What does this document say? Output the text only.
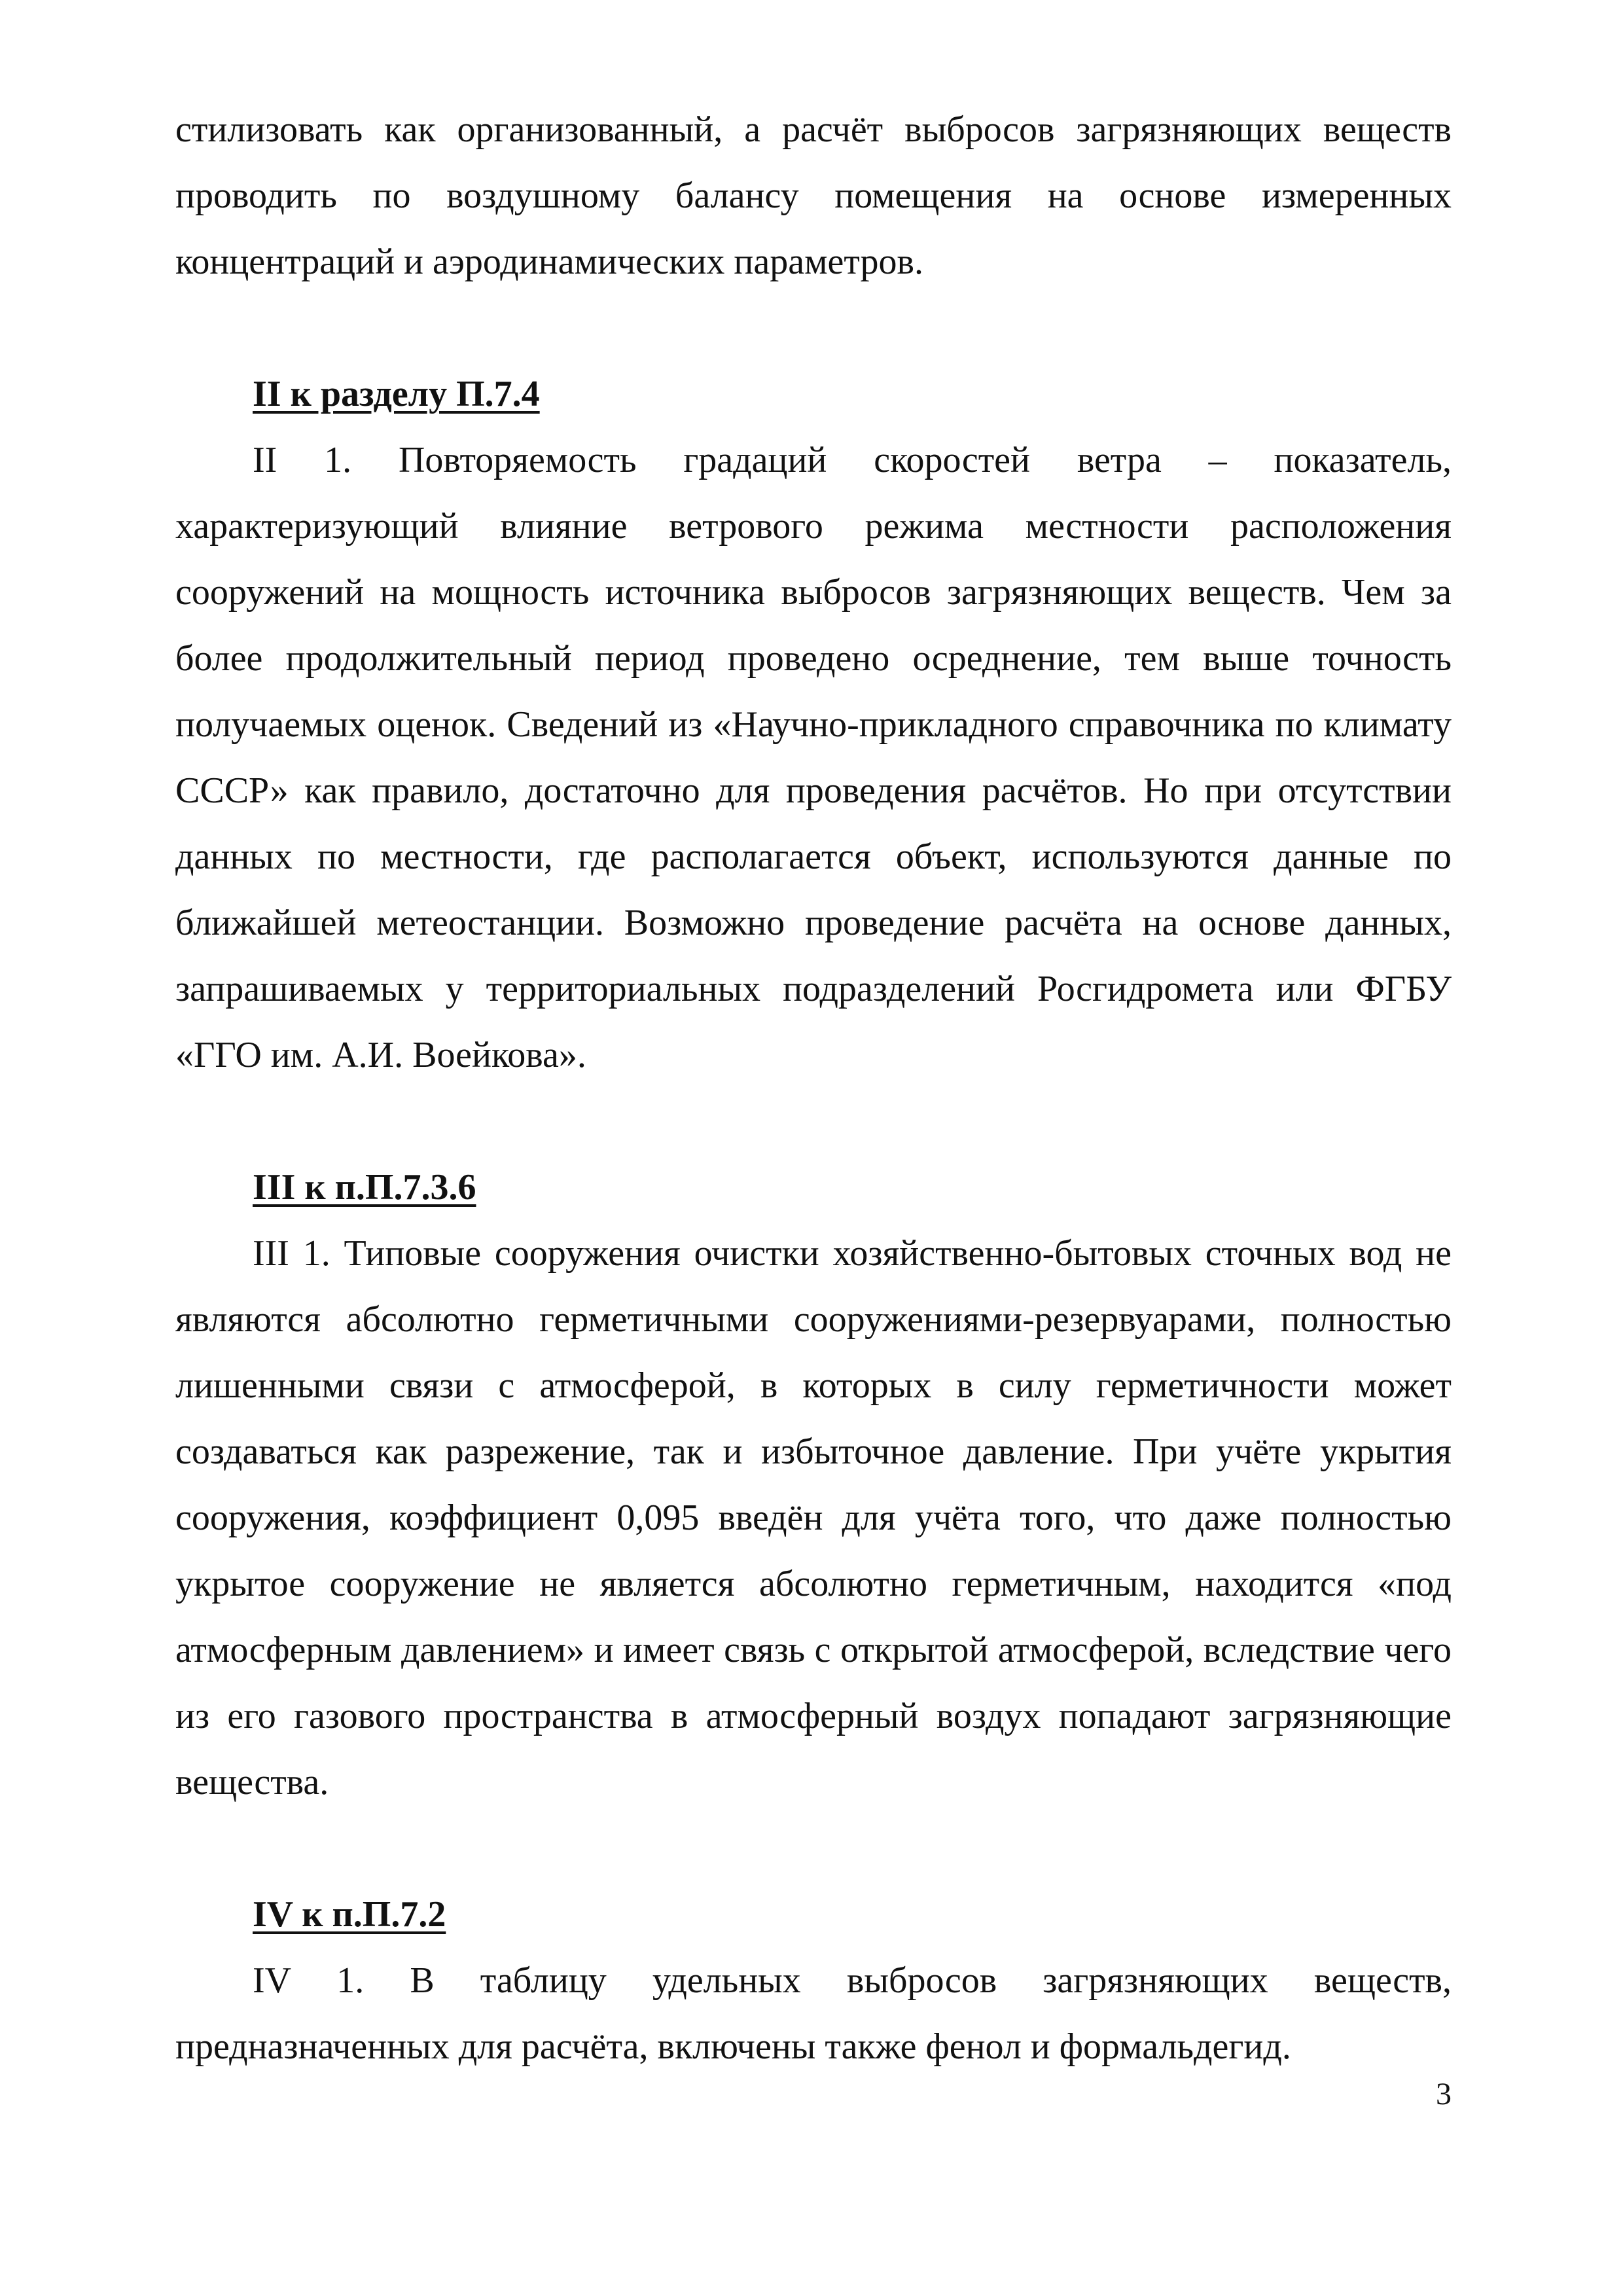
стилизовать как организованный, а расчёт выбросов загрязняющих веществ проводить по воздушному балансу помещения на основе измеренных концентраций и аэродинамических параметров.

II к разделу П.7.4

II 1. Повторяемость градаций скоростей ветра – показатель, характеризующий влияние ветрового режима местности расположения сооружений на мощность источника выбросов загрязняющих веществ. Чем за более продолжительный период проведено осреднение, тем выше точность получаемых оценок. Сведений из «Научно-прикладного справочника по климату СССР» как правило, достаточно для проведения расчётов. Но при отсутствии данных по местности, где располагается объект, используются данные по ближайшей метеостанции. Возможно проведение расчёта на основе данных, запрашиваемых у территориальных подразделений Росгидромета или ФГБУ «ГГО им. А.И. Воейкова».

III к п.П.7.3.6

III 1. Типовые сооружения очистки хозяйственно-бытовых сточных вод не являются абсолютно герметичными сооружениями-резервуарами, полностью лишенными связи с атмосферой, в которых в силу герметичности может создаваться как разрежение, так и избыточное давление. При учёте укрытия сооружения, коэффициент 0,095 введён для учёта того, что даже полностью укрытое сооружение не является абсолютно герметичным, находится «под атмосферным давлением» и имеет связь с открытой атмосферой, вследствие чего из его газового пространства в атмосферный воздух попадают загрязняющие вещества.

IV к п.П.7.2

IV 1. В таблицу удельных выбросов загрязняющих веществ, предназначенных для расчёта, включены также фенол и формальдегид.

3
